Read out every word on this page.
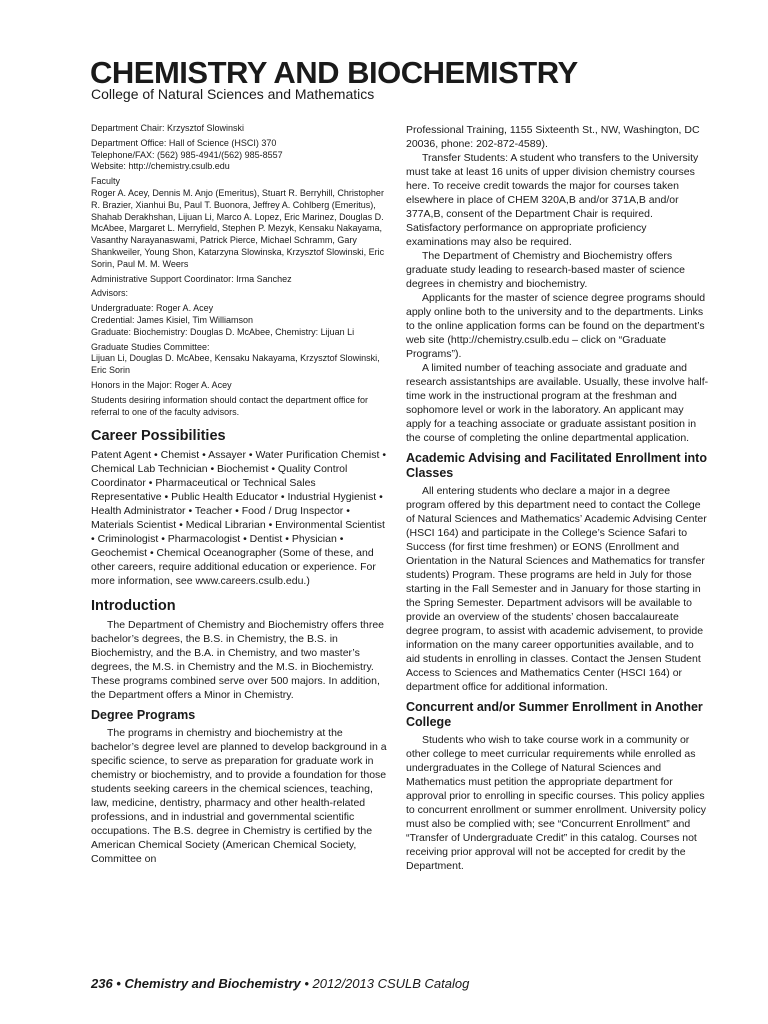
CHEMISTRY AND BIOCHEMISTRY

College of Natural Sciences and Mathematics

Department Chair: Krzysztof Slowinski

Department Office: Hall of Science (HSCI) 370
Telephone/FAX: (562) 985-4941/(562) 985-8557
Website: http://chemistry.csulb.edu

Faculty
Roger A. Acey, Dennis M. Anjo (Emeritus), Stuart R. Berryhill, Christopher R. Brazier, Xianhui Bu, Paul T. Buonora, Jeffrey A. Cohlberg (Emeritus), Shahab Derakhshan, Lijuan Li, Marco A. Lopez, Eric Marinez, Douglas D. McAbee, Margaret L. Merryfield, Stephen P. Mezyk, Kensaku Nakayama, Vasanthy Narayanaswami, Patrick Pierce, Michael Schramm, Gary Shankweiler, Young Shon, Katarzyna Slowinska, Krzysztof Slowinski, Eric Sorin, Paul M. M. Weers

Administrative Support Coordinator: Irma Sanchez

Advisors:

Undergraduate: Roger A. Acey
Credential: James Kisiel, Tim Williamson
Graduate: Biochemistry: Douglas D. McAbee, Chemistry: Lijuan Li

Graduate Studies Committee:
Lijuan Li, Douglas D. McAbee, Kensaku Nakayama, Krzysztof Slowinski, Eric Sorin

Honors in the Major: Roger A. Acey

Students desiring information should contact the department office for referral to one of the faculty advisors.

Career Possibilities

Patent Agent • Chemist • Assayer • Water Purification Chemist • Chemical Lab Technician • Biochemist • Quality Control Coordinator • Pharmaceutical or Technical Sales Representative • Public Health Educator • Industrial Hygienist • Health Administrator • Teacher • Food / Drug Inspector • Materials Scientist • Medical Librarian • Environmental Scientist • Criminologist • Pharmacologist • Dentist • Physician • Geochemist • Chemical Oceanographer (Some of these, and other careers, require additional education or experience. For more information, see www.careers.csulb.edu.)

Introduction

The Department of Chemistry and Biochemistry offers three bachelor’s degrees, the B.S. in Chemistry, the B.S. in Biochemistry, and the B.A. in Chemistry, and two master’s degrees, the M.S. in Chemistry and the M.S. in Biochemistry. These programs combined serve over 500 majors. In addition, the Department offers a Minor in Chemistry.

Degree Programs

The programs in chemistry and biochemistry at the bachelor’s degree level are planned to develop background in a specific science, to serve as preparation for graduate work in chemistry or biochemistry, and to provide a foundation for those students seeking careers in the chemical sciences, teaching, law, medicine, dentistry, pharmacy and other health-related professions, and in industrial and governmental scientific occupations. The B.S. degree in Chemistry is certified by the American Chemical Society (American Chemical Society, Committee on

Professional Training, 1155 Sixteenth St., NW, Washington, DC 20036, phone: 202-872-4589).

Transfer Students: A student who transfers to the University must take at least 16 units of upper division chemistry courses here. To receive credit towards the major for courses taken elsewhere in place of CHEM 320A,B and/or 371A,B and/or 377A,B, consent of the Department Chair is required. Satisfactory performance on appropriate proficiency examinations may also be required.

The Department of Chemistry and Biochemistry offers graduate study leading to research-based master of science degrees in chemistry and biochemistry.

Applicants for the master of science degree programs should apply online both to the university and to the departments. Links to the online application forms can be found on the department’s web site (http://chemistry.csulb.edu – click on “Graduate Programs”).

A limited number of teaching associate and graduate and research assistantships are available. Usually, these involve half-time work in the instructional program at the freshman and sophomore level or work in the laboratory. An applicant may apply for a teaching associate or graduate assistant position in the course of completing the online departmental application.

Academic Advising and Facilitated Enrollment into Classes

All entering students who declare a major in a degree program offered by this department need to contact the College of Natural Sciences and Mathematics’ Academic Advising Center (HSCI 164) and participate in the College’s Science Safari to Success (for first time freshmen) or EONS (Enrollment and Orientation in the Natural Sciences and Mathematics for transfer students) Program. These programs are held in July for those starting in the Fall Semester and in January for those starting in the Spring Semester. Department advisors will be available to provide an overview of the students’ chosen baccalaureate degree program, to assist with academic advisement, to provide information on the many career opportunities available, and to aid students in enrolling in classes. Contact the Jensen Student Access to Sciences and Mathematics Center (HSCI 164) or department office for additional information.

Concurrent and/or Summer Enrollment in Another College

Students who wish to take course work in a community or other college to meet curricular requirements while enrolled as undergraduates in the College of Natural Sciences and Mathematics must petition the appropriate department for approval prior to enrolling in specific courses. This policy applies to concurrent enrollment or summer enrollment. University policy must also be complied with; see “Concurrent Enrollment” and “Transfer of Undergraduate Credit” in this catalog. Courses not receiving prior approval will not be accepted for credit by the Department.

236 • Chemistry and Biochemistry • 2012/2013 CSULB Catalog
